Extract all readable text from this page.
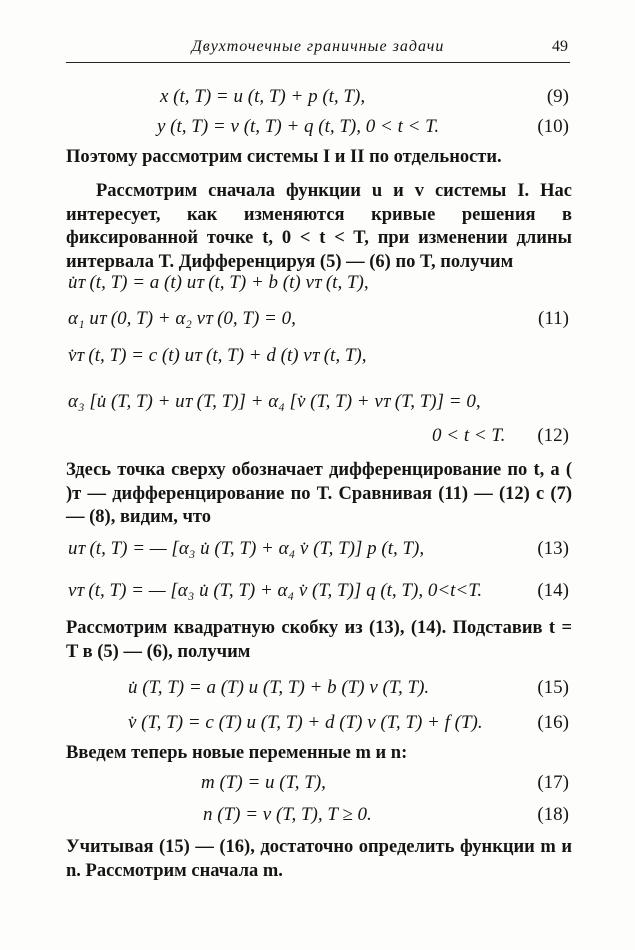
Двухточечные граничные задачи	49
x (t, T) = u (t, T) + p (t, T),	(9)
y (t, T) = v (t, T) + q (t, T), 0 < t < T.	(10)

Поэтому рассмотрим системы I и II по отдельности.

Рассмотрим сначала функции u и v системы I. Нас интересует, как изменяются кривые решения в фиксированной точке t, 0 < t < T, при изменении длины интервала T. Дифференцируя (5) — (6) по T, получим

u̇ᴛ (t, T) = a (t) uᴛ (t, T) + b (t) vᴛ (t, T),
α₁ uᴛ (0, T) + α₂ vᴛ (0, T) = 0,	(11)
v̇ᴛ (t, T) = c (t) uᴛ (t, T) + d (t) vᴛ (t, T),
α₃ [u̇ (T, T) + uᴛ (T, T)] + α₄ [v̇ (T, T) + vᴛ (T, T)] = 0,
0 < t < T. (12)

Здесь точка сверху обозначает дифференцирование по t, а ( )ᴛ — дифференцирование по T. Сравнивая (11) — (12) с (7) — (8), видим, что

uᴛ (t, T) = — [α₃ u̇ (T, T) + α₄ v̇ (T, T)] p (t, T),	(13)
vᴛ (t, T) = — [α₃ u̇ (T, T) + α₄ v̇ (T, T)] q (t, T), 0<t<T.	(14)

Рассмотрим квадратную скобку из (13), (14). Подставив t = T в (5) — (6), получим

u̇ (T, T) = a (T) u (T, T) + b (T) v (T, T).	(15)
v̇ (T, T) = c (T) u (T, T) + d (T) v (T, T) + f (T).	(16)

Введем теперь новые переменные m и n:

m (T) = u (T, T),	(17)
n (T) = v (T, T), T ≥ 0.	(18)

Учитывая (15) — (16), достаточно определить функции m и n. Рассмотрим сначала m.
